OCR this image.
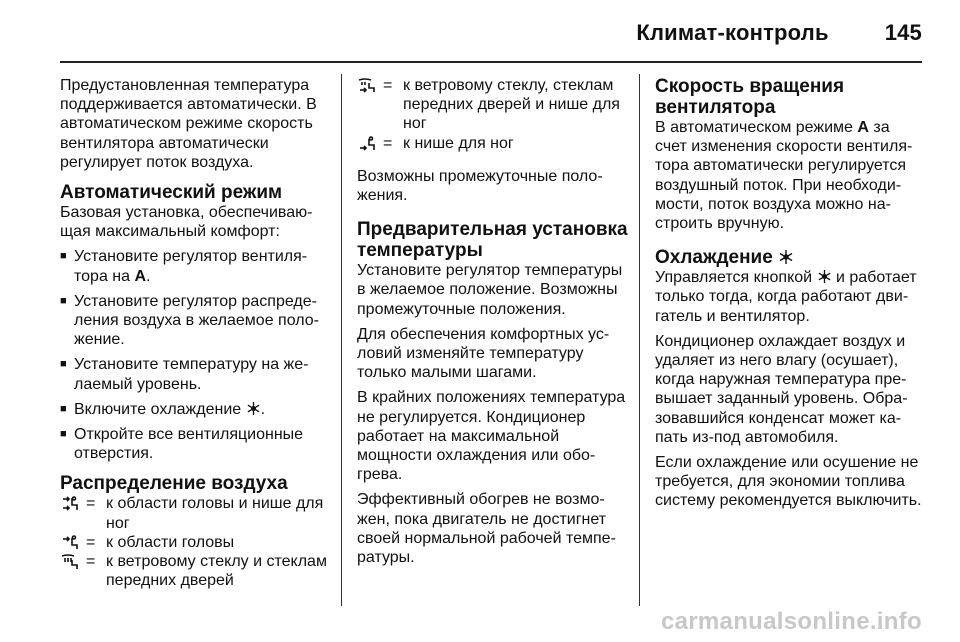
Климат-контроль	145

Предустановленная температура поддерживается автоматически. В автоматическом режиме скорость вентилятора автоматически регулирует поток воздуха.

Автоматический режим

Базовая установка, обеспечивающая максимальный комфорт:

■ Установите регулятор вентилятора на A.
■ Установите регулятор распределения воздуха в желаемое положение.
■ Установите температуру на желаемый уровень.
■ Включите охлаждение .
■ Откройте все вентиляционные отверстия.
Распределение воздуха
= к области головы и нише для ног
= к области головы
= к ветровому стеклу и стеклам передних дверей
= к ветровому стеклу, стеклам передних дверей и нише для ног
= к нише для ног

Возможны промежуточные положения.

Предварительная установка температуры

Установите регулятор температуры в желаемое положение. Возможны промежуточные положения.

Для обеспечения комфортных условий изменяйте температуру только малыми шагами.

В крайних положениях температура не регулируется. Кондиционер работает на максимальной мощности охлаждения или обогрева.

Эффективный обогрев не возможен, пока двигатель не достигнет своей нормальной рабочей температуры.

Скорость вращения вентилятора

В автоматическом режиме A за счет изменения скорости вентилятора автоматически регулируется воздушный поток. При необходимости, поток воздуха можно настроить вручную.

Охлаждение

Управляется кнопкой и работает только тогда, когда работают двигатель и вентилятор.

Кондиционер охлаждает воздух и удаляет из него влагу (осушает), когда наружная температура превышает заданный уровень. Образовавшийся конденсат может капать из-под автомобиля.

Если охлаждение или осушение не требуется, для экономии топлива систему рекомендуется выключить.

carmanualsonline.info
